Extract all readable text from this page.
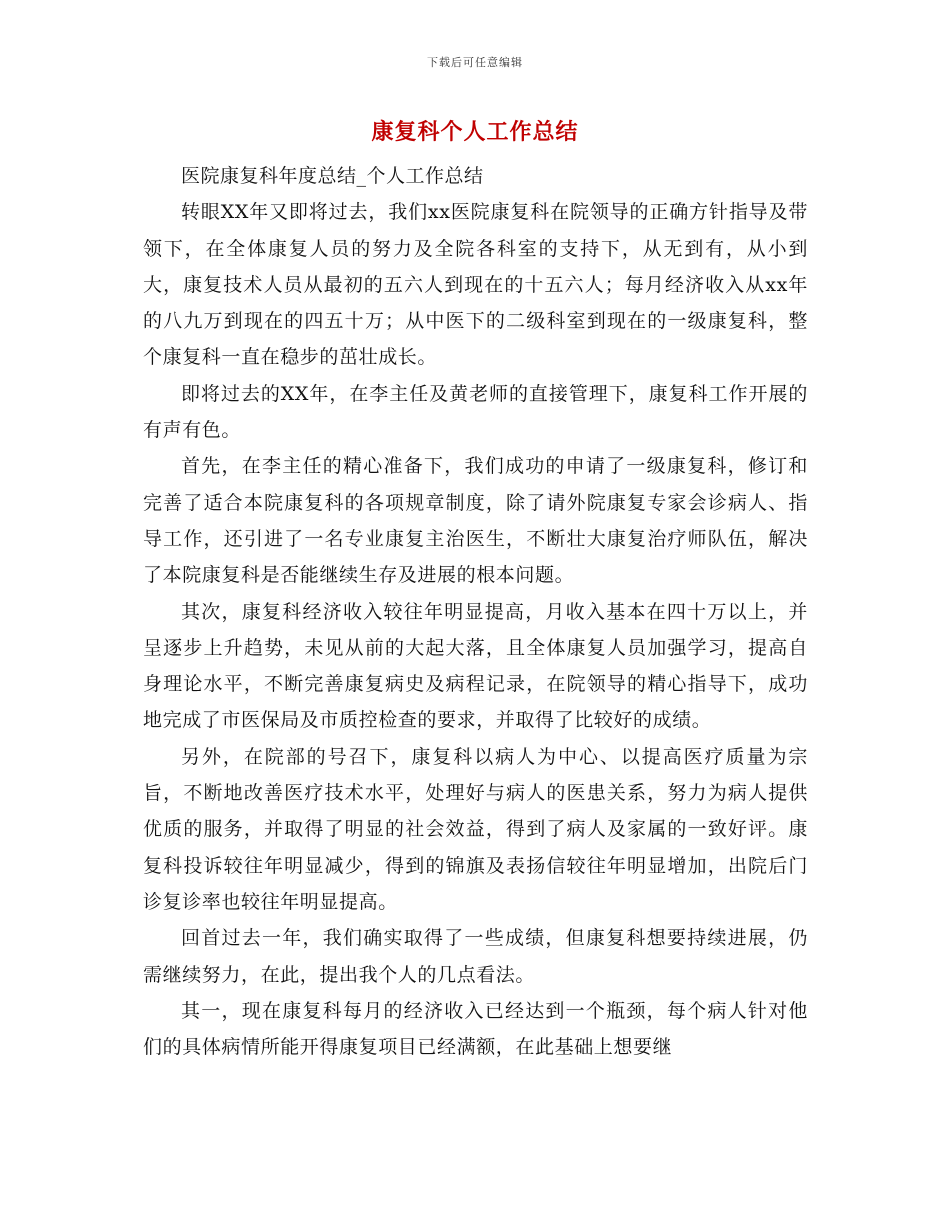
下载后可任意编辑
康复科个人工作总结

医院康复科年度总结_个人工作总结

转眼XX年又即将过去，我们xx医院康复科在院领导的正确方针指导及带领下，在全体康复人员的努力及全院各科室的支持下，从无到有，从小到大，康复技术人员从最初的五六人到现在的十五六人；每月经济收入从xx年的八九万到现在的四五十万；从中医下的二级科室到现在的一级康复科，整个康复科一直在稳步的茁壮成长。

即将过去的XX年，在李主任及黄老师的直接管理下，康复科工作开展的有声有色。

首先，在李主任的精心准备下，我们成功的申请了一级康复科，修订和完善了适合本院康复科的各项规章制度，除了请外院康复专家会诊病人、指导工作，还引进了一名专业康复主治医生，不断壮大康复治疗师队伍，解决了本院康复科是否能继续生存及进展的根本问题。

其次，康复科经济收入较往年明显提高，月收入基本在四十万以上，并呈逐步上升趋势，未见从前的大起大落，且全体康复人员加强学习，提高自身理论水平，不断完善康复病史及病程记录，在院领导的精心指导下，成功地完成了市医保局及市质控检查的要求，并取得了比较好的成绩。

另外，在院部的号召下，康复科以病人为中心、以提高医疗质量为宗旨，不断地改善医疗技术水平，处理好与病人的医患关系，努力为病人提供优质的服务，并取得了明显的社会效益，得到了病人及家属的一致好评。康复科投诉较往年明显减少，得到的锦旗及表扬信较往年明显增加，出院后门诊复诊率也较往年明显提高。

回首过去一年，我们确实取得了一些成绩，但康复科想要持续进展，仍需继续努力，在此，提出我个人的几点看法。

其一，现在康复科每月的经济收入已经达到一个瓶颈，每个病人针对他们的具体病情所能开得康复项目已经满额，在此基础上想要继
